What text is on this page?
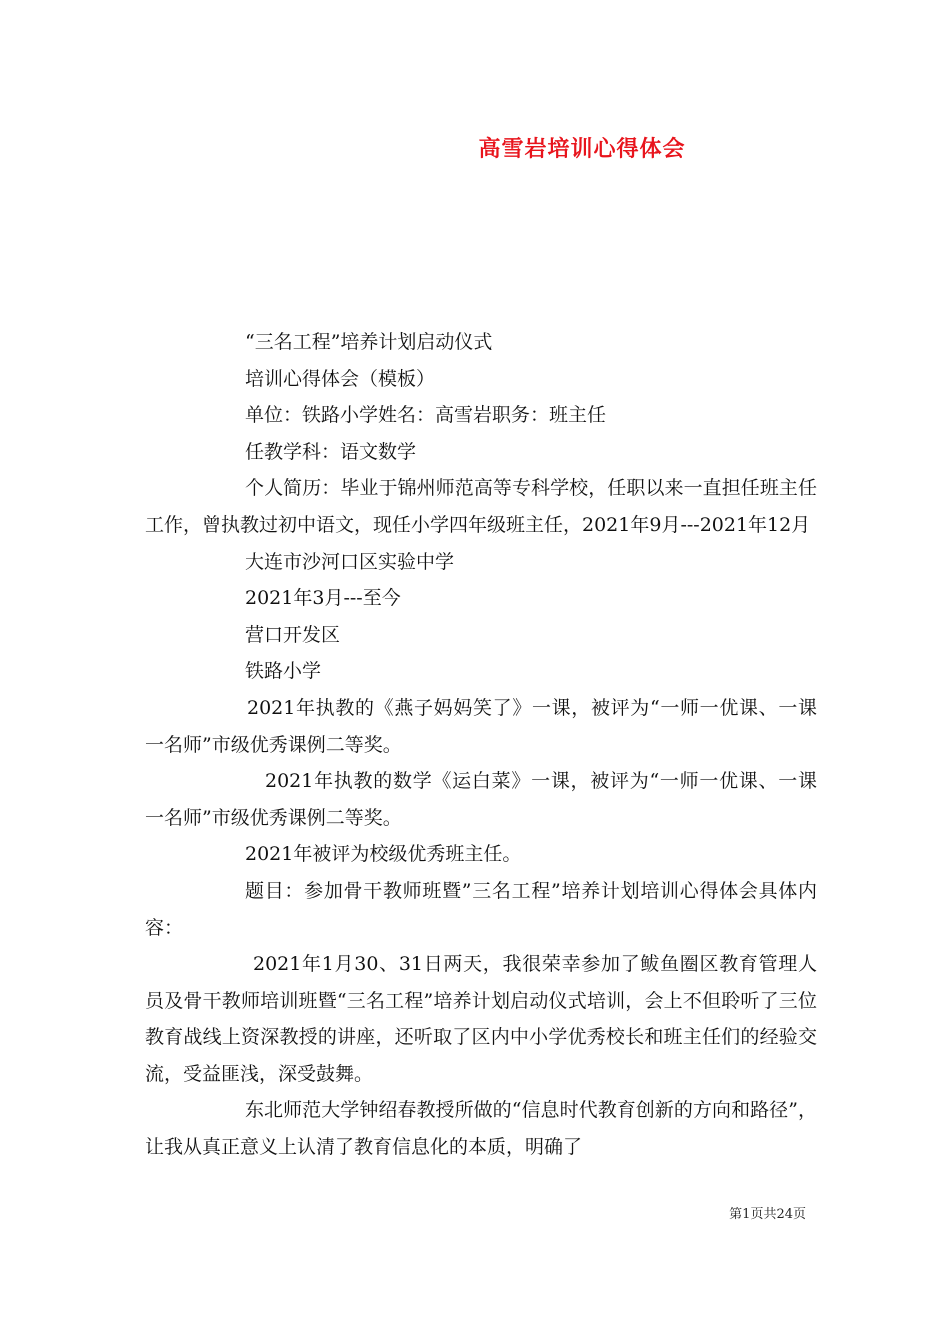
高雪岩培训心得体会

“三名工程”培养计划启动仪式

培训心得体会（模板）

单位：铁路小学姓名：高雪岩职务：班主任

任教学科：语文数学

个人简历：毕业于锦州师范高等专科学校，任职以来一直担任班主任工作，曾执教过初中语文，现任小学四年级班主任，2021年9月---2021年12月

大连市沙河口区实验中学

2021年3月---至今

营口开发区

铁路小学

2021年执教的《燕子妈妈笑了》一课，被评为“一师一优课、一课一名师”市级优秀课例二等奖。

2021年执教的数学《运白菜》一课，被评为“一师一优课、一课一名师”市级优秀课例二等奖。

2021年被评为校级优秀班主任。

题目：参加骨干教师班暨”三名工程”培养计划培训心得体会具体内容：

2021年1月30、31日两天，我很荣幸参加了鲅鱼圈区教育管理人员及骨干教师培训班暨“三名工程”培养计划启动仪式培训，会上不但聆听了三位教育战线上资深教授的讲座，还听取了区内中小学优秀校长和班主任们的经验交流，受益匪浅，深受鼓舞。

东北师范大学钟绍春教授所做的“信息时代教育创新的方向和路径”，让我从真正意义上认清了教育信息化的本质，明确了

第1页共24页
